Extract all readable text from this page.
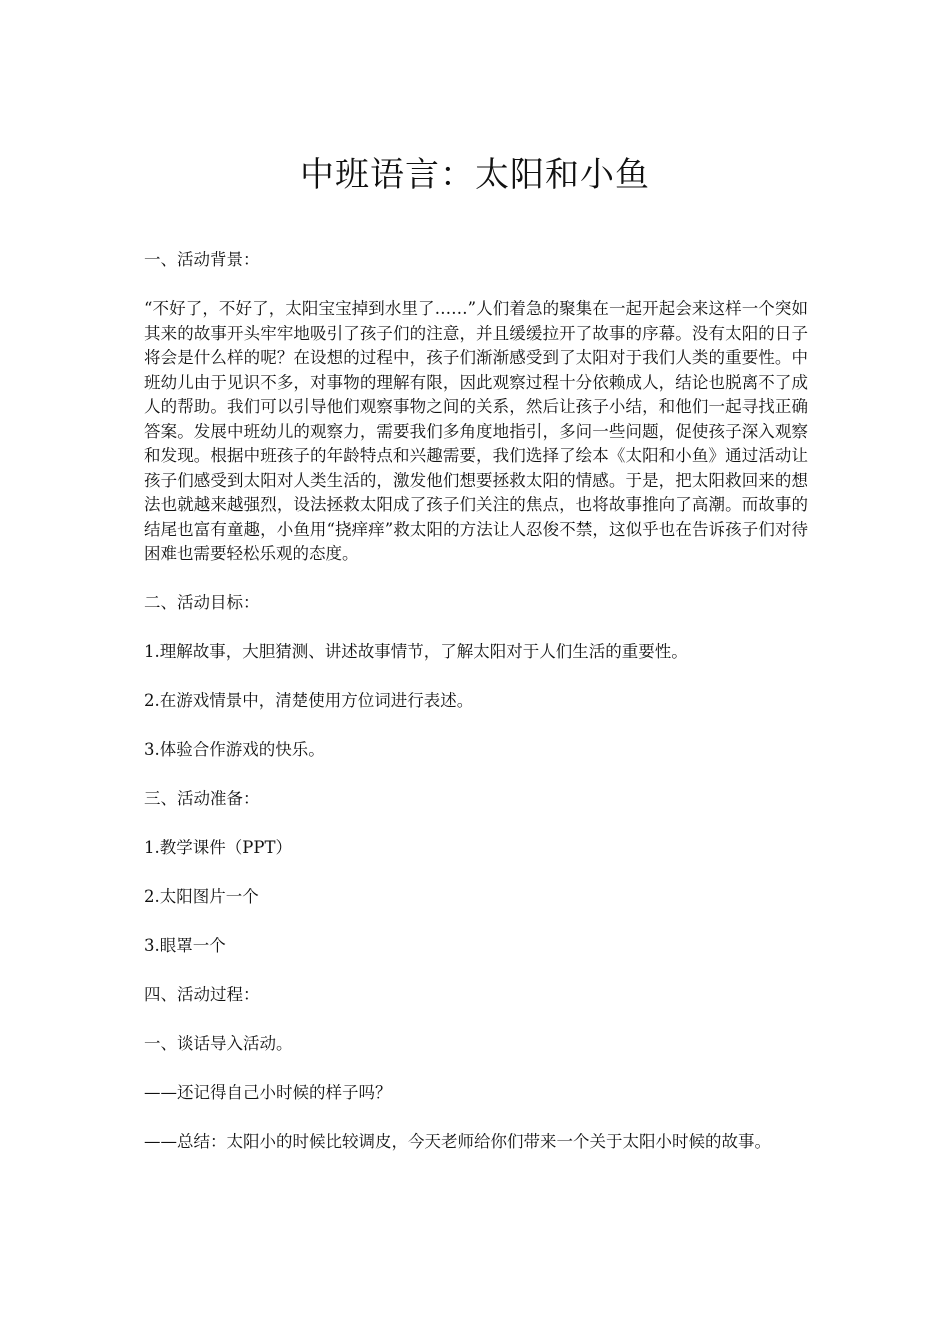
中班语言：太阳和小鱼

一、活动背景：

“不好了，不好了，太阳宝宝掉到水里了……”人们着急的聚集在一起开起会来这样一个突如其来的故事开头牢牢地吸引了孩子们的注意，并且缓缓拉开了故事的序幕。没有太阳的日子将会是什么样的呢？在设想的过程中，孩子们渐渐感受到了太阳对于我们人类的重要性。中班幼儿由于见识不多，对事物的理解有限，因此观察过程十分依赖成人，结论也脱离不了成人的帮助。我们可以引导他们观察事物之间的关系，然后让孩子小结，和他们一起寻找正确答案。发展中班幼儿的观察力，需要我们多角度地指引，多问一些问题，促使孩子深入观察和发现。根据中班孩子的年龄特点和兴趣需要，我们选择了绘本《太阳和小鱼》通过活动让孩子们感受到太阳对人类生活的，激发他们想要拯救太阳的情感。于是，把太阳救回来的想法也就越来越强烈，设法拯救太阳成了孩子们关注的焦点，也将故事推向了高潮。而故事的结尾也富有童趣，小鱼用“挠痒痒”救太阳的方法让人忍俊不禁，这似乎也在告诉孩子们对待困难也需要轻松乐观的态度。

二、活动目标：

1.理解故事，大胆猜测、讲述故事情节，了解太阳对于人们生活的重要性。

2.在游戏情景中，清楚使用方位词进行表述。

3.体验合作游戏的快乐。

三、活动准备：

1.教学课件（PPT）

2.太阳图片一个

3.眼罩一个

四、活动过程：

一、谈话导入活动。

——还记得自己小时候的样子吗？

——总结：太阳小的时候比较调皮，今天老师给你们带来一个关于太阳小时候的故事。
